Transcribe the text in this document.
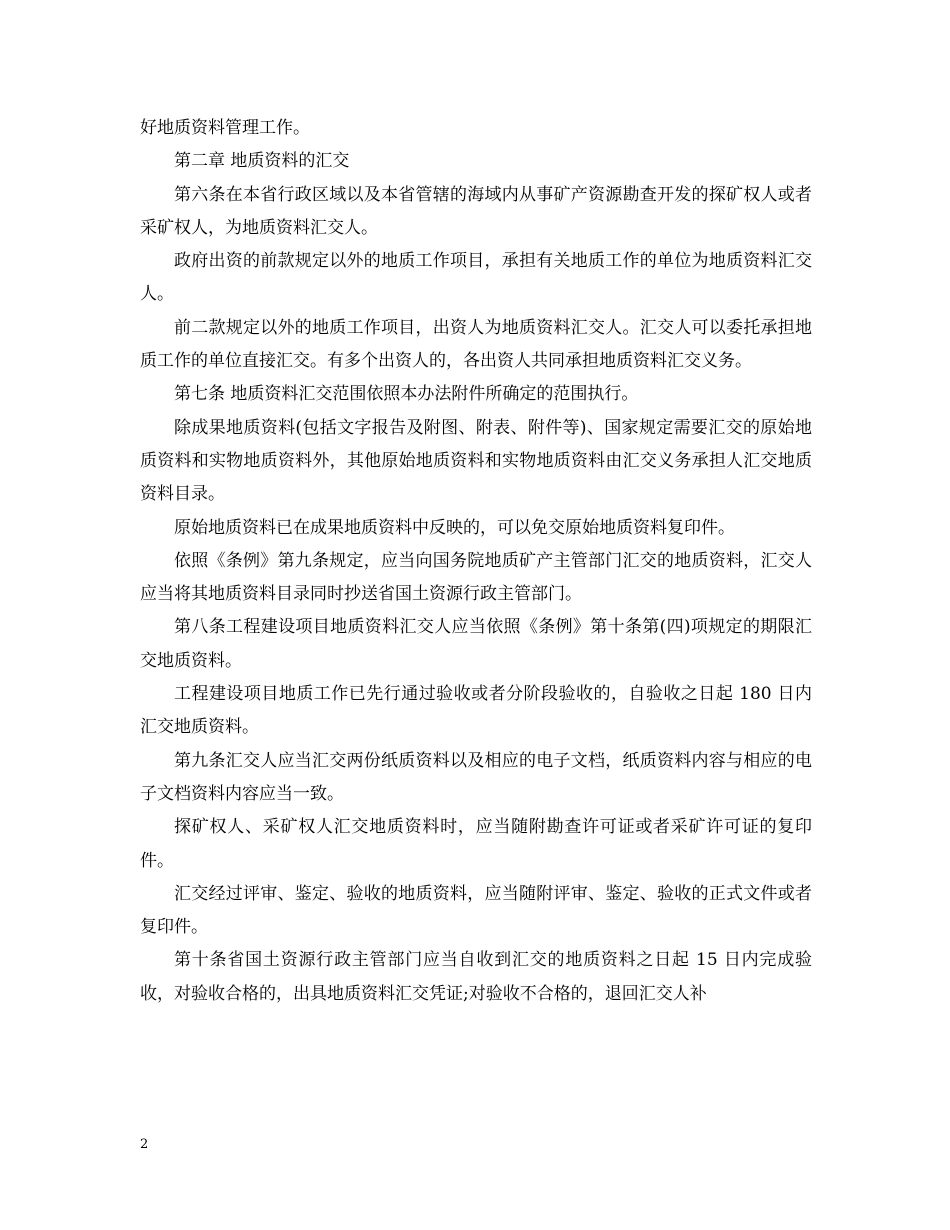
好地质资料管理工作。

第二章 地质资料的汇交

第六条在本省行政区域以及本省管辖的海域内从事矿产资源勘查开发的探矿权人或者采矿权人，为地质资料汇交人。

政府出资的前款规定以外的地质工作项目，承担有关地质工作的单位为地质资料汇交人。

前二款规定以外的地质工作项目，出资人为地质资料汇交人。汇交人可以委托承担地质工作的单位直接汇交。有多个出资人的，各出资人共同承担地质资料汇交义务。

第七条 地质资料汇交范围依照本办法附件所确定的范围执行。

除成果地质资料(包括文字报告及附图、附表、附件等)、国家规定需要汇交的原始地质资料和实物地质资料外，其他原始地质资料和实物地质资料由汇交义务承担人汇交地质资料目录。

原始地质资料已在成果地质资料中反映的，可以免交原始地质资料复印件。

依照《条例》第九条规定，应当向国务院地质矿产主管部门汇交的地质资料，汇交人应当将其地质资料目录同时抄送省国土资源行政主管部门。

第八条工程建设项目地质资料汇交人应当依照《条例》第十条第(四)项规定的期限汇交地质资料。

工程建设项目地质工作已先行通过验收或者分阶段验收的，自验收之日起 180 日内汇交地质资料。

第九条汇交人应当汇交两份纸质资料以及相应的电子文档，纸质资料内容与相应的电子文档资料内容应当一致。

探矿权人、采矿权人汇交地质资料时，应当随附勘查许可证或者采矿许可证的复印件。

汇交经过评审、鉴定、验收的地质资料，应当随附评审、鉴定、验收的正式文件或者复印件。

第十条省国土资源行政主管部门应当自收到汇交的地质资料之日起 15 日内完成验收，对验收合格的，出具地质资料汇交凭证;对验收不合格的，退回汇交人补

2
